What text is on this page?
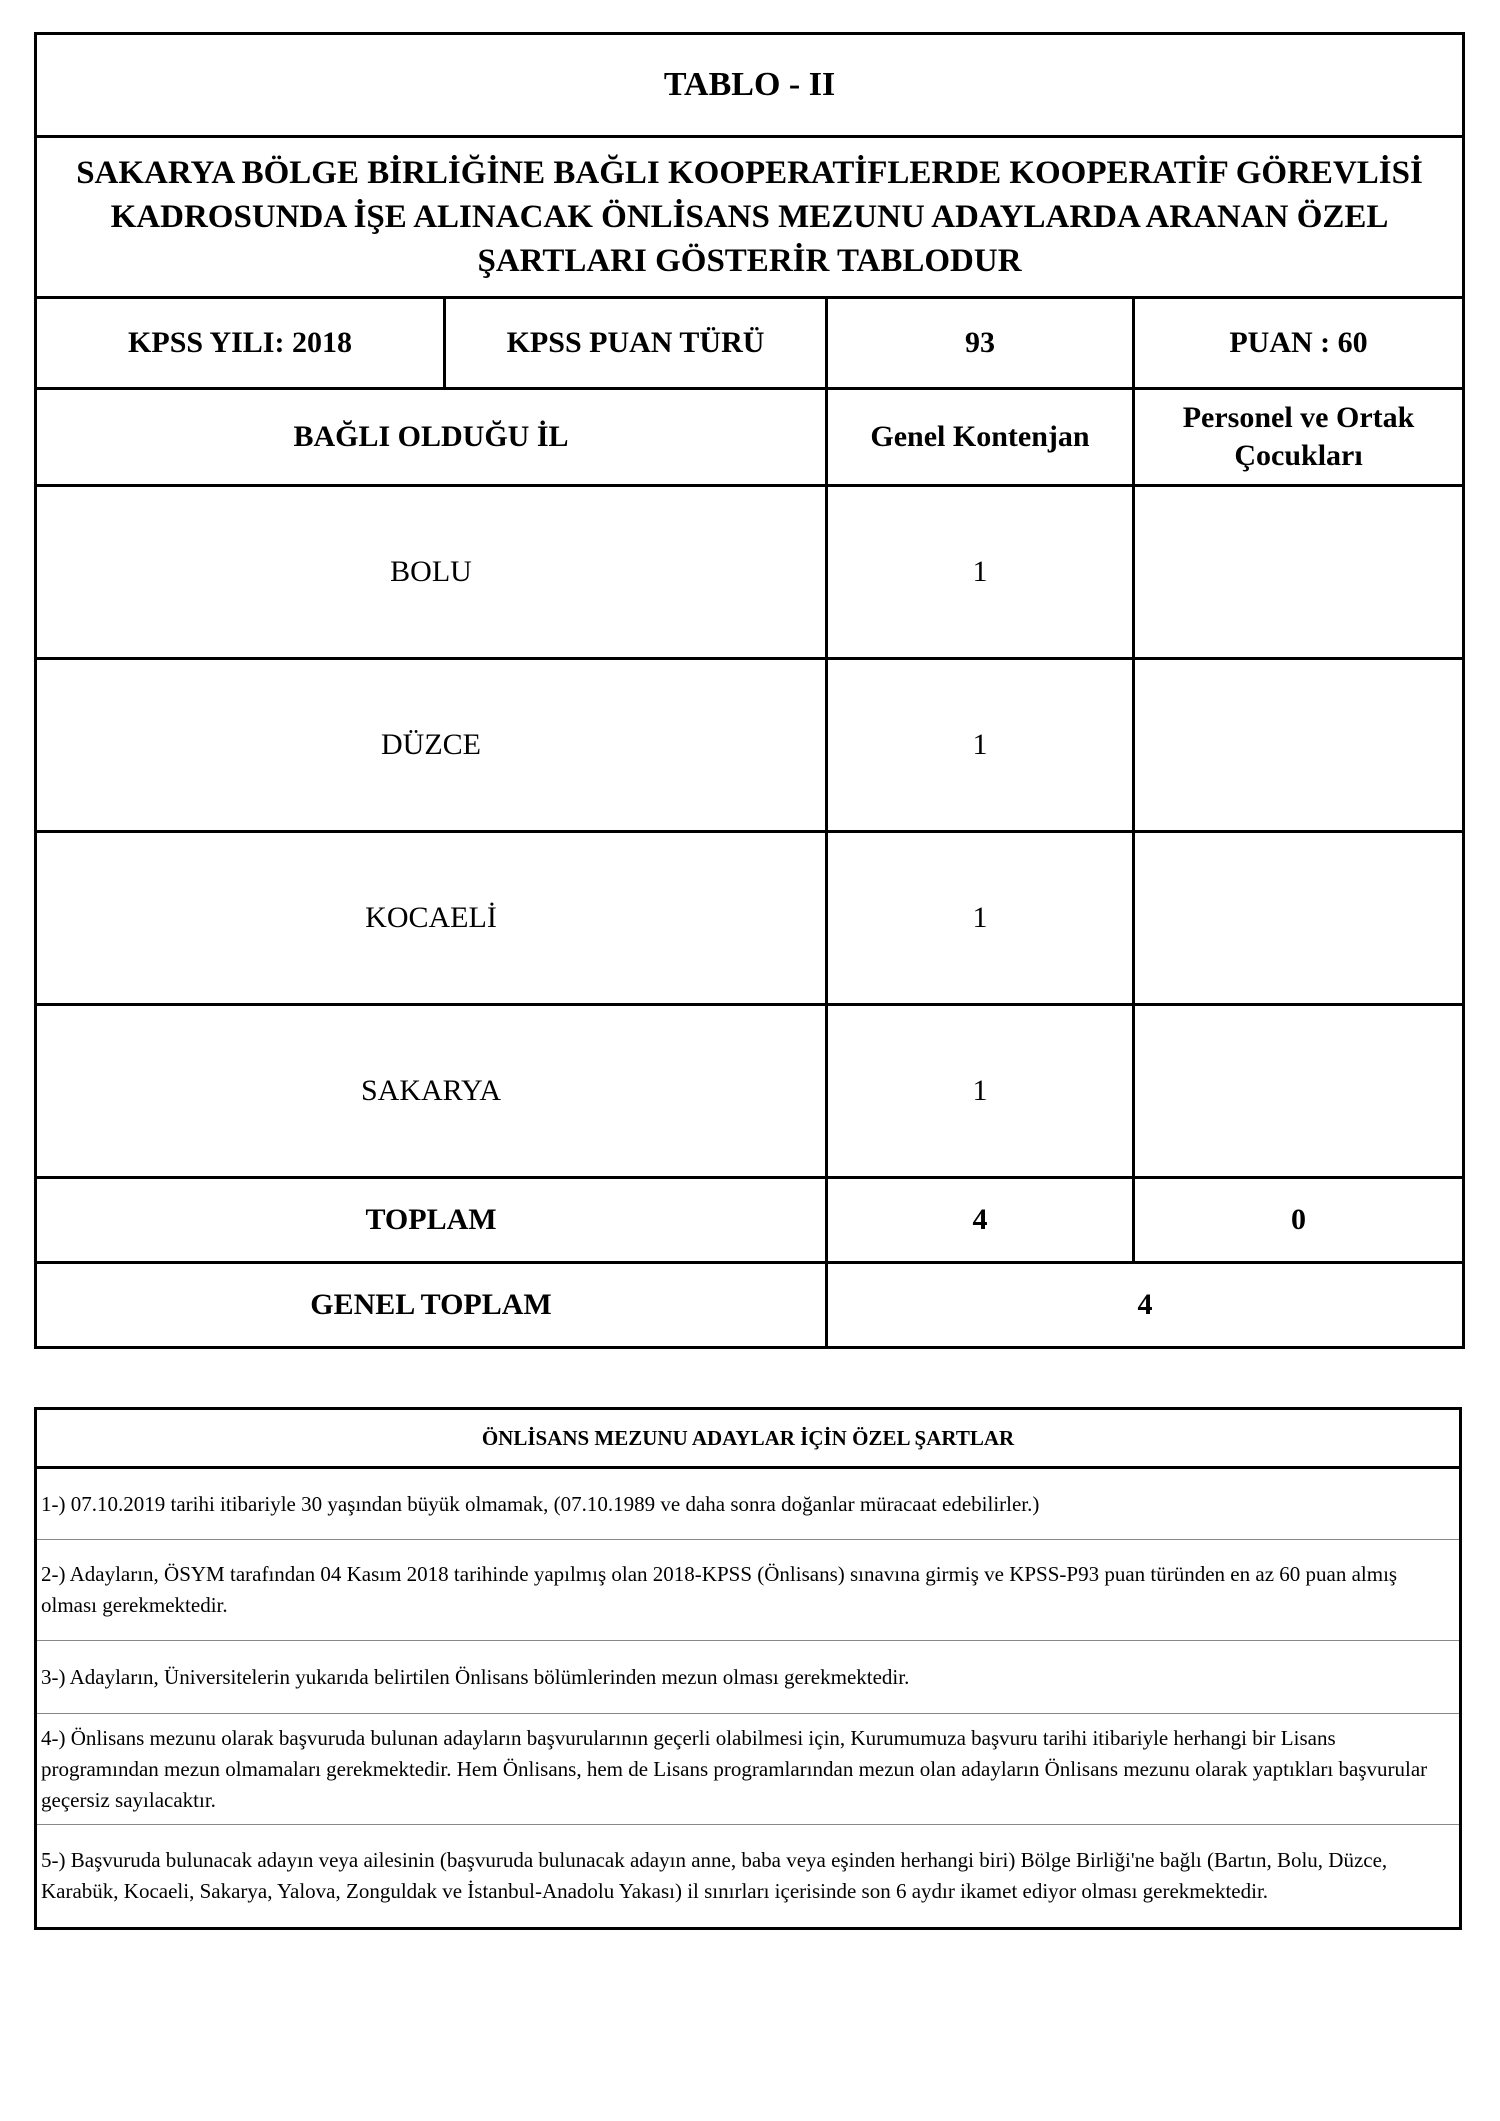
TABLO - II			
SAKARYA BÖLGE BİRLİĞİNE BAĞLI KOOPERATİFLERDE KOOPERATİF GÖREVLİSİ KADROSUNDA İŞE ALINACAK ÖNLİSANS MEZUNU ADAYLARDA ARANAN ÖZEL ŞARTLARI GÖSTERİR TABLODUR			
KPSS YILI: 2018	KPSS PUAN TÜRÜ	93	PUAN : 60
BAĞLI OLDUĞU İL		Genel Kontenjan	Personel ve Ortak Çocukları
BOLU		1	
DÜZCE		1	
KOCAELİ		1	
SAKARYA		1	
TOPLAM		4	0
GENEL TOPLAM		4	
ÖNLİSANS MEZUNU ADAYLAR İÇİN ÖZEL ŞARTLAR
1-) 07.10.2019 tarihi itibariyle 30 yaşından büyük olmamak, (07.10.1989 ve daha sonra doğanlar müracaat edebilirler.)
2-) Adayların, ÖSYM tarafından 04 Kasım 2018 tarihinde yapılmış olan 2018-KPSS (Önlisans) sınavına girmiş ve KPSS-P93 puan türünden en az 60 puan almış olması gerekmektedir.
3-) Adayların, Üniversitelerin yukarıda belirtilen Önlisans bölümlerinden mezun olması gerekmektedir.
4-) Önlisans mezunu olarak başvuruda bulunan adayların başvurularının geçerli olabilmesi için, Kurumumuza başvuru tarihi itibariyle herhangi bir Lisans programından mezun olmamaları gerekmektedir. Hem Önlisans, hem de Lisans programlarından mezun olan adayların Önlisans mezunu olarak yaptıkları başvurular geçersiz sayılacaktır.
5-) Başvuruda bulunacak adayın veya ailesinin (başvuruda bulunacak adayın anne, baba veya eşinden herhangi biri) Bölge Birliği'ne bağlı (Bartın, Bolu, Düzce, Karabük, Kocaeli, Sakarya, Yalova, Zonguldak ve İstanbul-Anadolu Yakası) il sınırları içerisinde son 6 aydır ikamet ediyor olması gerekmektedir.
